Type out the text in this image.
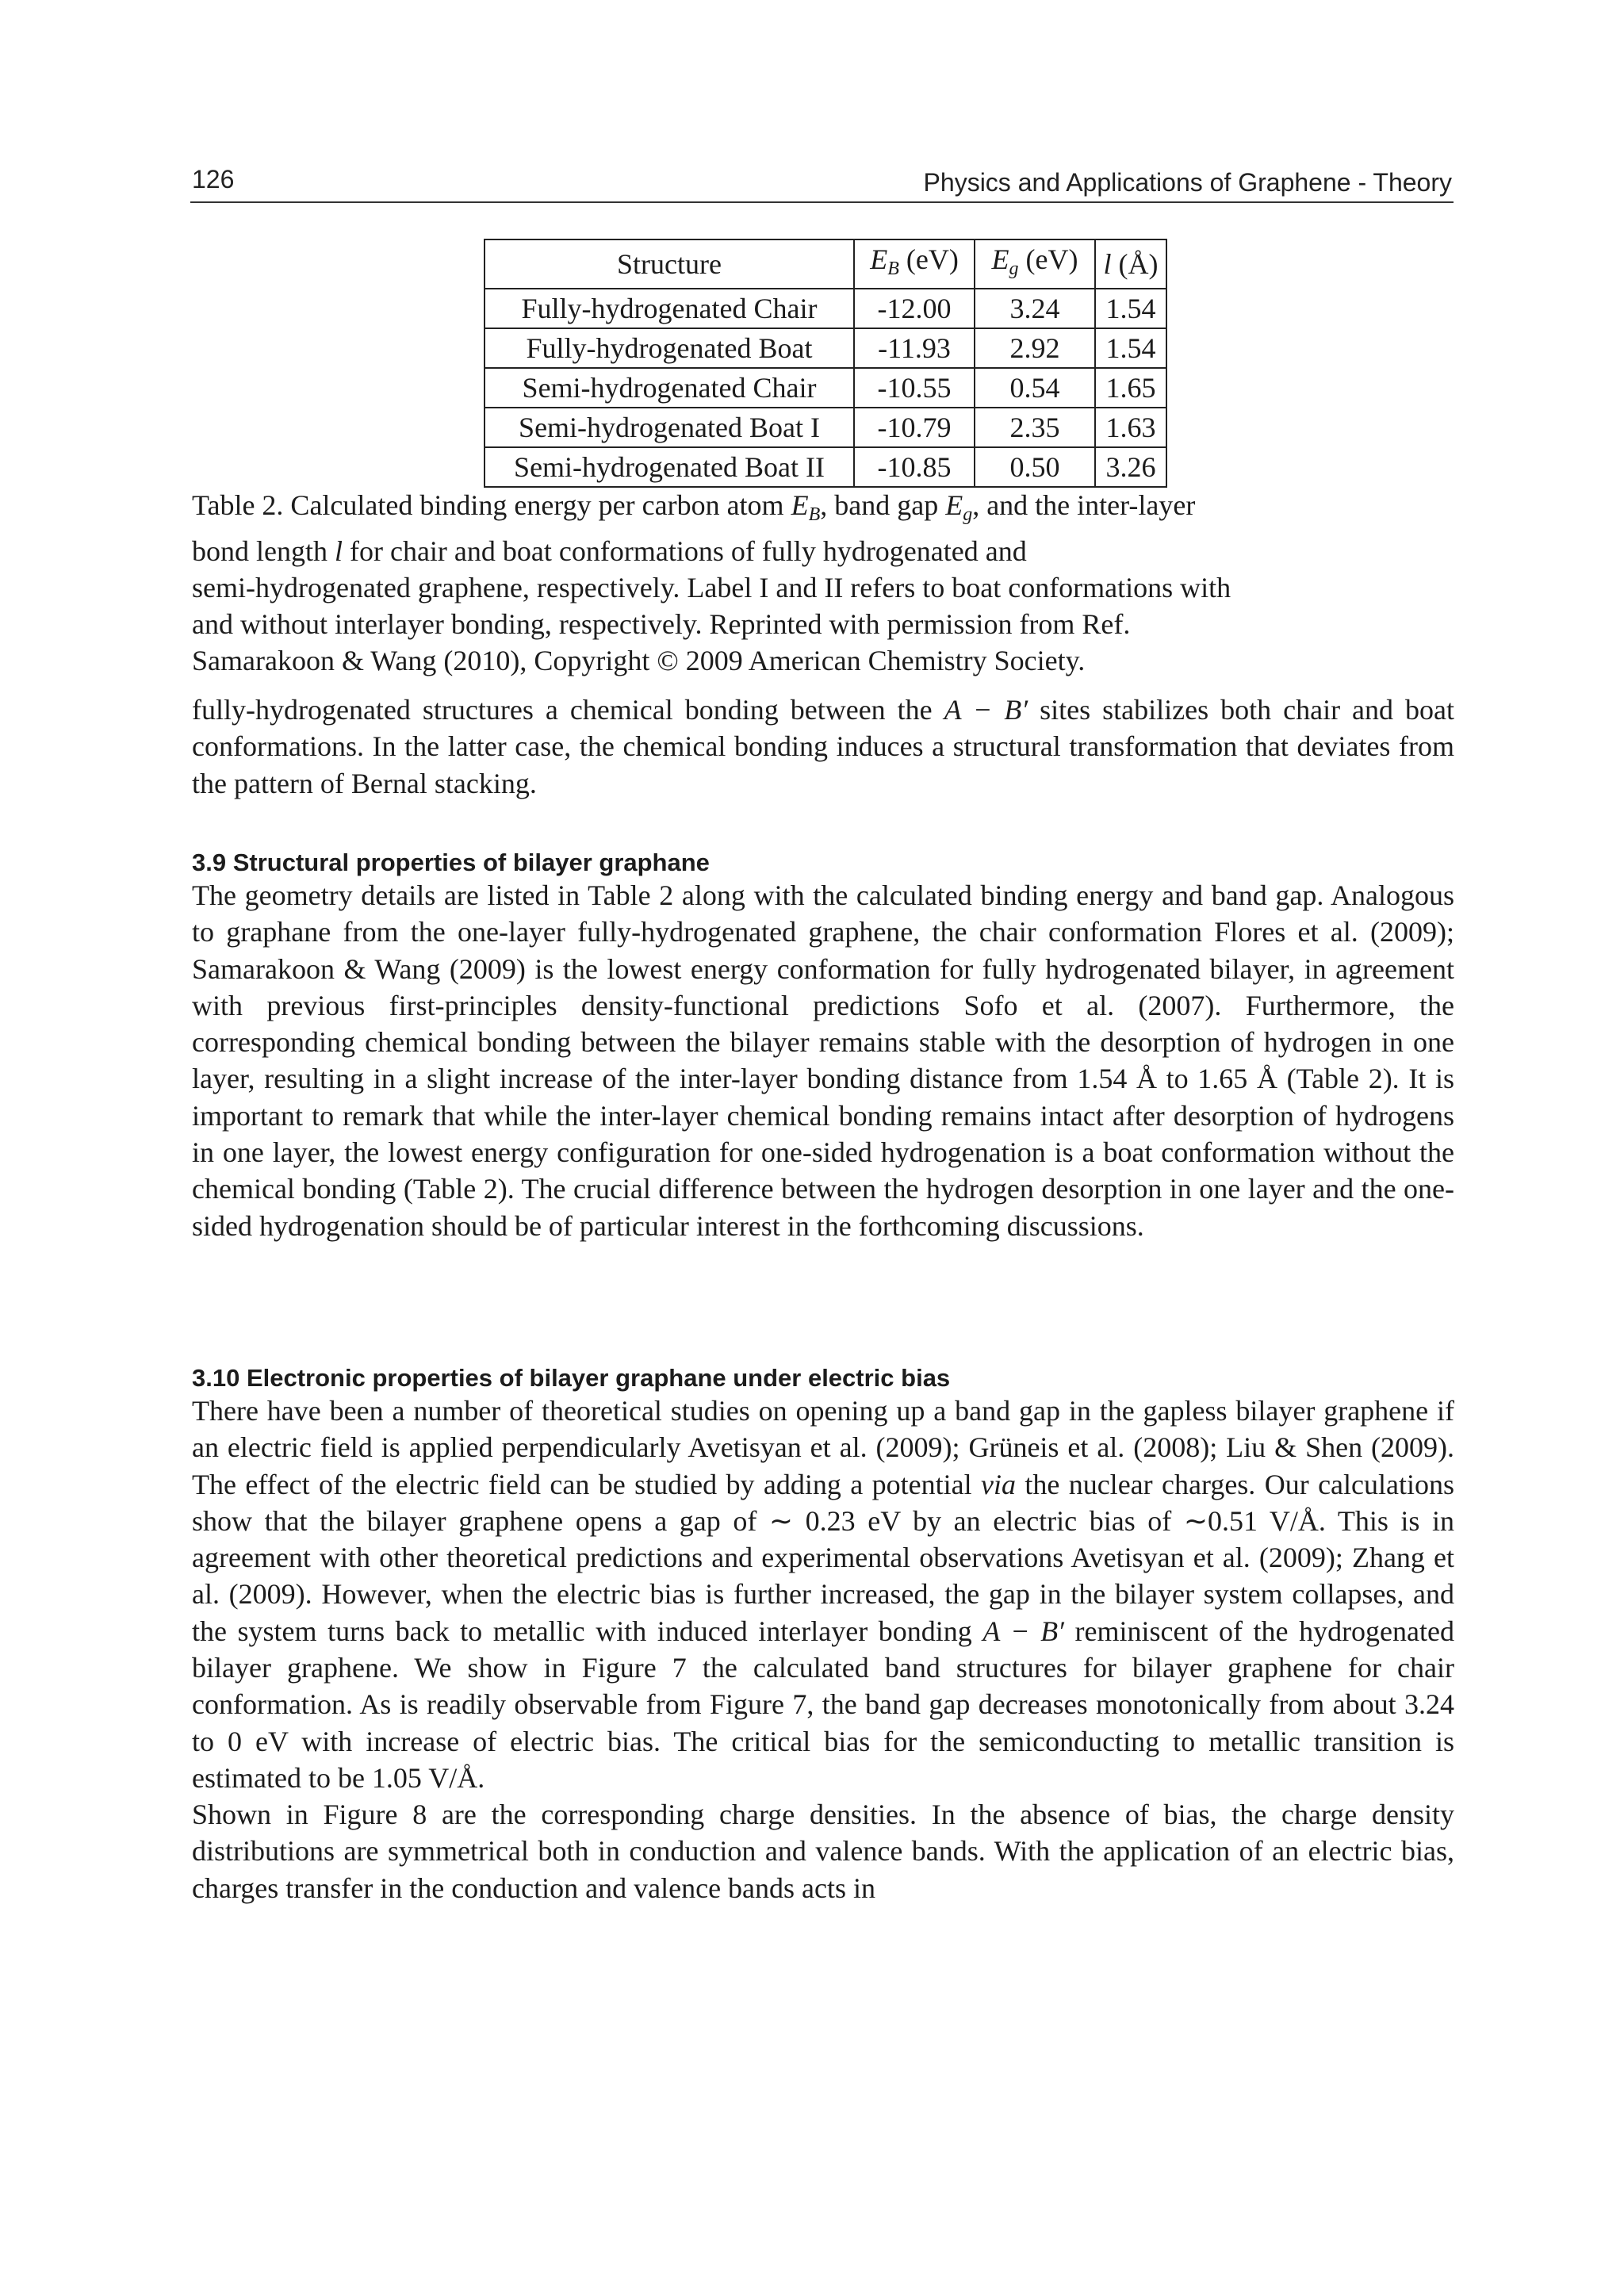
126	Physics and Applications of Graphene - Theory
Structure	$E_B$ (eV)	$E_g$ (eV)	l (Å)
Fully-hydrogenated Chair	-12.00	3.24	1.54
Fully-hydrogenated Boat	-11.93	2.92	1.54
Semi-hydrogenated Chair	-10.55	0.54	1.65
Semi-hydrogenated Boat I	-10.79	2.35	1.63
Semi-hydrogenated Boat II	-10.85	0.50	3.26
Table 2. Calculated binding energy per carbon atom $E_B$, band gap $E_g$, and the inter-layer
bond length l for chair and boat conformations of fully hydrogenated and
semi-hydrogenated graphene, respectively. Label I and II refers to boat conformations with
and without interlayer bonding, respectively. Reprinted with permission from Ref.
Samarakoon & Wang (2010), Copyright © 2009 American Chemistry Society.

fully-hydrogenated structures a chemical bonding between the A − B′ sites stabilizes both chair and boat conformations. In the latter case, the chemical bonding induces a structural transformation that deviates from the pattern of Bernal stacking.

3.9 Structural properties of bilayer graphane

The geometry details are listed in Table 2 along with the calculated binding energy and band gap. Analogous to graphane from the one-layer fully-hydrogenated graphene, the chair conformation Flores et al. (2009); Samarakoon & Wang (2009) is the lowest energy conformation for fully hydrogenated bilayer, in agreement with previous first-principles density-functional predictions Sofo et al. (2007). Furthermore, the corresponding chemical bonding between the bilayer remains stable with the desorption of hydrogen in one layer, resulting in a slight increase of the inter-layer bonding distance from 1.54 Å to 1.65 Å (Table 2). It is important to remark that while the inter-layer chemical bonding remains intact after desorption of hydrogens in one layer, the lowest energy configuration for one-sided hydrogenation is a boat conformation without the chemical bonding (Table 2). The crucial difference between the hydrogen desorption in one layer and the one-sided hydrogenation should be of particular interest in the forthcoming discussions.

3.10 Electronic properties of bilayer graphane under electric bias

There have been a number of theoretical studies on opening up a band gap in the gapless bilayer graphene if an electric field is applied perpendicularly Avetisyan et al. (2009); Grüneis et al. (2008); Liu & Shen (2009). The effect of the electric field can be studied by adding a potential via the nuclear charges. Our calculations show that the bilayer graphene opens a gap of ∼ 0.23 eV by an electric bias of ∼0.51 V/Å. This is in agreement with other theoretical predictions and experimental observations Avetisyan et al. (2009); Zhang et al. (2009). However, when the electric bias is further increased, the gap in the bilayer system collapses, and the system turns back to metallic with induced interlayer bonding A − B′ reminiscent of the hydrogenated bilayer graphene. We show in Figure 7 the calculated band structures for bilayer graphene for chair conformation. As is readily observable from Figure 7, the band gap decreases monotonically from about 3.24 to 0 eV with increase of electric bias. The critical bias for the semiconducting to metallic transition is estimated to be 1.05 V/Å.

Shown in Figure 8 are the corresponding charge densities. In the absence of bias, the charge density distributions are symmetrical both in conduction and valence bands. With the application of an electric bias, charges transfer in the conduction and valence bands acts in
